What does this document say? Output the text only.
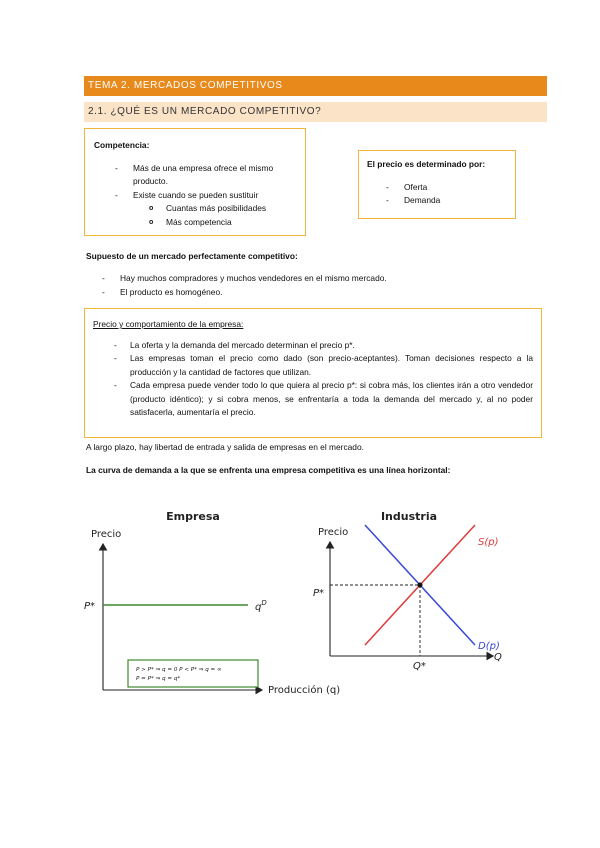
TEMA 2. MERCADOS COMPETITIVOS
2.1. ¿QUÉ ES UN MERCADO COMPETITIVO?
Competencia:
- Más de una empresa ofrece el mismo producto.
- Existe cuando se pueden sustituir
o Cuantas más posibilidades
o Más competencia
El precio es determinado por:
- Oferta
- Demanda
Supuesto de un mercado perfectamente competitivo:
- Hay muchos compradores y muchos vendedores en el mismo mercado.
- El producto es homogéneo.
Precio y comportamiento de la empresa:
- La oferta y la demanda del mercado determinan el precio p*.
- Las empresas toman el precio como dado (son precio-aceptantes). Toman decisiones respecto a la producción y la cantidad de factores que utilizan.
- Cada empresa puede vender todo lo que quiera al precio p*: si cobra más, los clientes irán a otro vendedor (producto idéntico); y si cobra menos, se enfrentaría a toda la demanda del mercado y, al no poder satisfacerla, aumentaría el precio.
A largo plazo, hay libertad de entrada y salida de empresas en el mercado.
La curva de demanda a la que se enfrenta una empresa competitiva es una línea horizontal:
Empresa
Precio
P*	$q^D$
Producción (q)
P > P* ⇒ q = 0 P < P* ⇒ q = ∞
P = P* ⇒ q = q*
Industria
Precio
P*
Q*
S(p)
D(p)
Q
